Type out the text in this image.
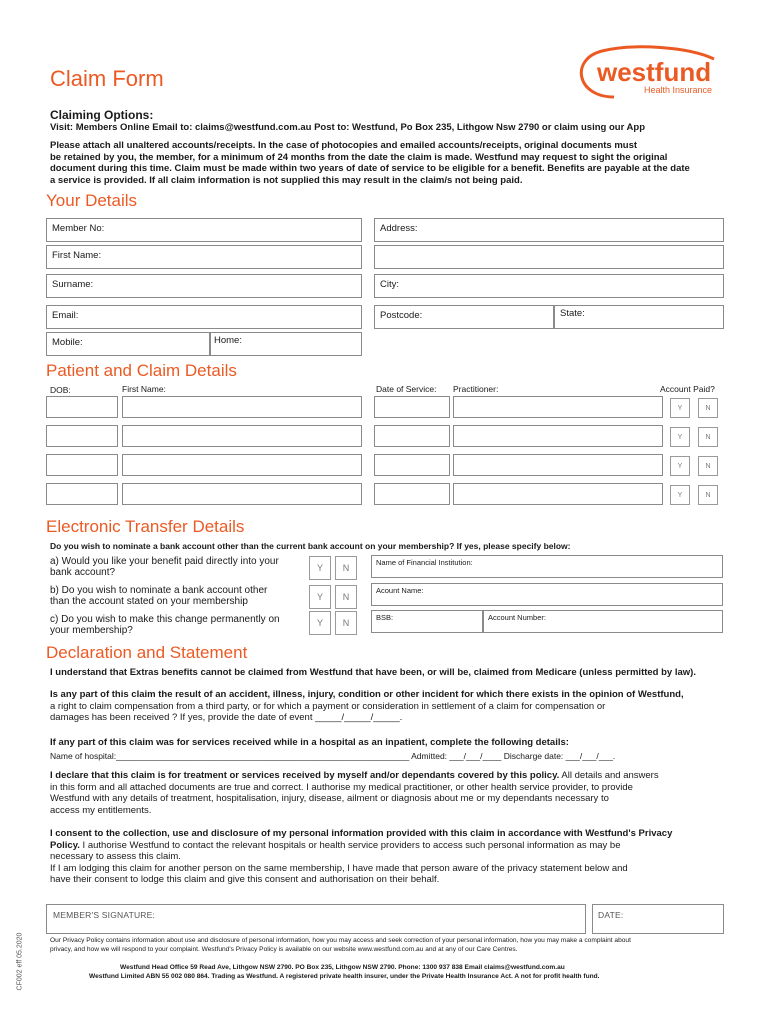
Claim Form	westfund
Health Insurance
Claiming Options:
Visit: Members Online Email to: claims@westfund.com.au Post to: Westfund, Po Box 235, Lithgow Nsw 2790 or claim using our App
Please attach all unaltered accounts/receipts. In the case of photocopies and emailed accounts/receipts, original documents must
be retained by you, the member, for a minimum of 24 months from the date the claim is made. Westfund may request to sight the original
document during this time. Claim must be made within two years of date of service to be eligible for a benefit. Benefits are payable at the date
a service is provided. If all claim information is not supplied this may result in the claim/s not being paid.
Your Details
Member No:	Address:
First Name:
Surname:	City:
Email:	Postcode:	State:
Mobile:	Home:
Patient and Claim Details
DOB:	First Name:	Date of Service: Practitioner:	Account Paid?
Y	N
Y	N
Y	N
Y	N
Electronic Transfer Details
Do you wish to nominate a bank account other than the current bank account on your membership? If yes, please specify below:
a) Would you like your benefit paid directly into your
bank account?	Y	N
b) Do you wish to nominate a bank account other
than the account stated on your membership	Y	N
c) Do you wish to make this change permanently on
your membership?
Y	N
Name of Financial Institution:
Acount Name:
BSB:	Account Number:
Declaration and Statement
I understand that Extras benefits cannot be claimed from Westfund that have been, or will be, claimed from Medicare (unless permitted by law).
Is any part of this claim the result of an accident, illness, injury, condition or other incident for which there exists in the opinion of Westfund,
a right to claim compensation from a third party, or for which a payment or consideration in settlement of a claim for compensation or
damages has been received ? If yes, provide the date of event _____/_____/_____.
If any part of this claim was for services received while in a hospital as an inpatient, complete the following details:
Name of hospital:______________________________________________________________ Admitted: ___/___/____ Discharge date: ___/___/___.
I declare that this claim is for treatment or services received by myself and/or dependants covered by this policy. All details and answers
in this form and all attached documents are true and correct. I authorise my medical practitioner, or other health service provider, to provide
Westfund with any details of treatment, hospitalisation, injury, disease, ailment or diagnosis about me or my dependants necessary to
access my entitlements.
I consent to the collection, use and disclosure of my personal information provided with this claim in accordance with Westfund's Privacy
Policy. I authorise Westfund to contact the relevant hospitals or health service providers to access such personal information as may be
necessary to assess this claim.
If I am lodging this claim for another person on the same membership, I have made that person aware of the privacy statement below and
have their consent to lodge this claim and give this consent and authorisation on their behalf.
MEMBER'S SIGNATURE:	DATE:
Our Privacy Policy contains information about use and disclosure of personal information, how you may access and seek correction of your personal information, how you may make a complaint about
privacy, and how we will respond to your complaint. Westfund's Privacy Policy is available on our website www.westfund.com.au and at any of our Care Centres.
Westfund Head Office 59 Read Ave, Lithgow NSW 2790. PO Box 235, Lithgow NSW 2790. Phone: 1300 937 838 Email claims@westfund.com.au
Westfund Limited ABN 55 002 080 864. Trading as Westfund. A registered private health insurer, under the Private Health Insurance Act. A not for profit health fund.
CF002 eff 05.2020
